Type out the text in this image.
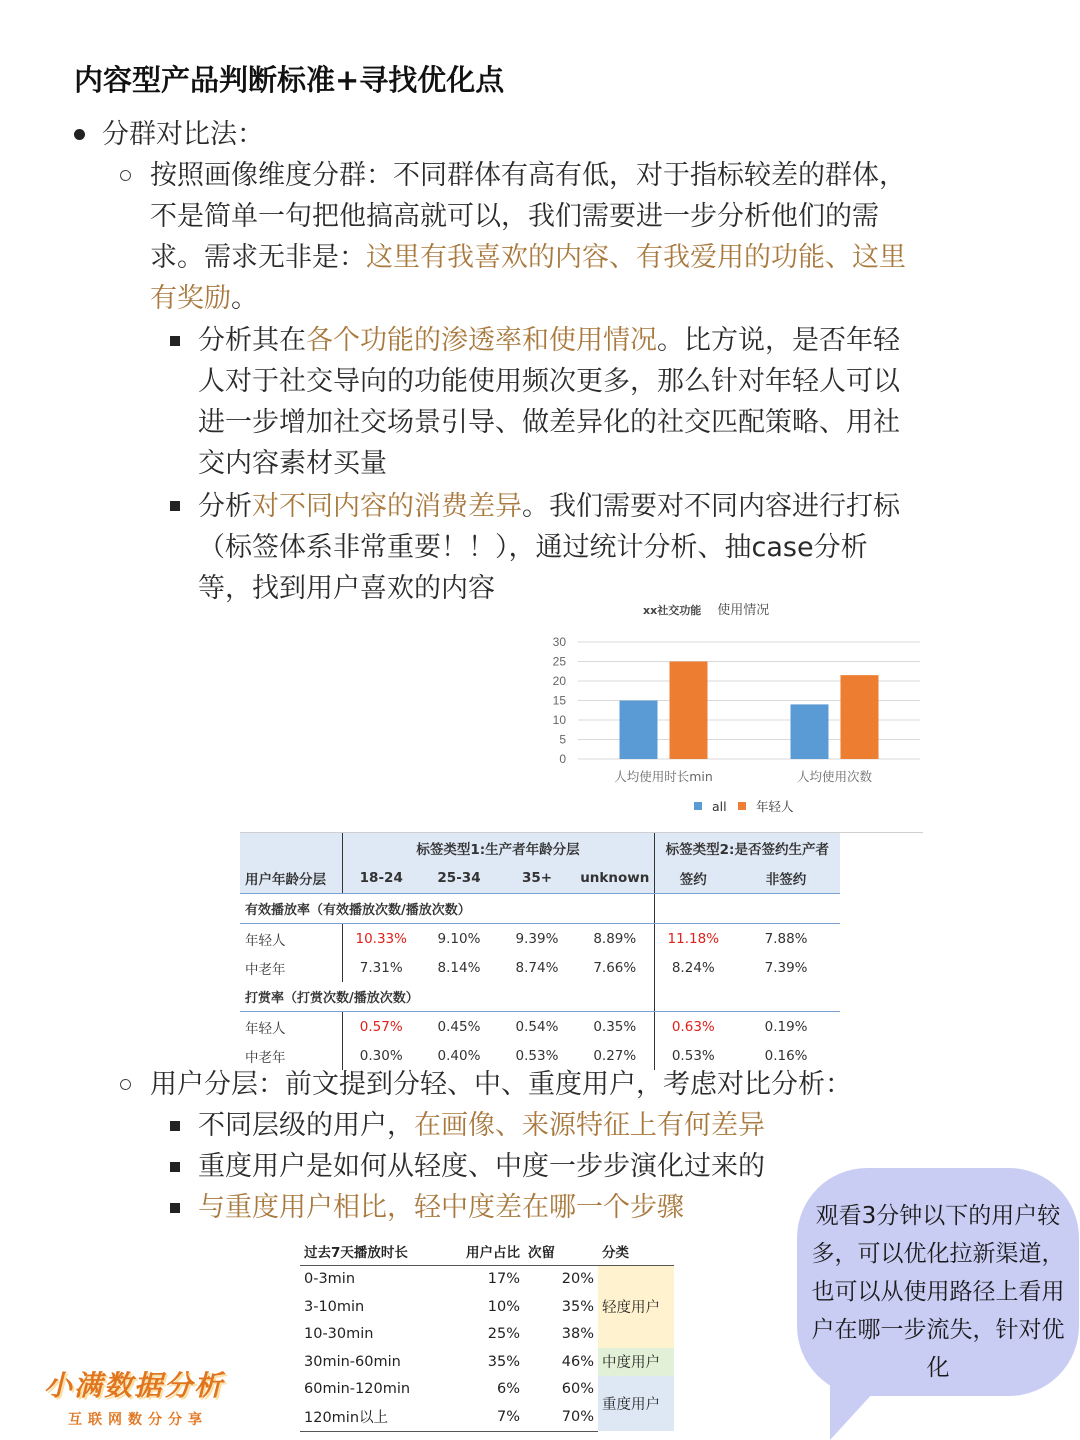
内容型产品判断标准+寻找优化点
分群对比法：
按照画像维度分群：不同群体有高有低，对于指标较差的群体，
不是简单一句把他搞高就可以，我们需要进一步分析他们的需
求。需求无非是：这里有我喜欢的内容、有我爱用的功能、这里
有奖励。
分析其在各个功能的渗透率和使用情况。比方说，是否年轻
人对于社交导向的功能使用频次更多，那么针对年轻人可以
进一步增加社交场景引导、做差异化的社交匹配策略、用社
交内容素材买量
分析对不同内容的消费差异。我们需要对不同内容进行打标
（标签体系非常重要！！），通过统计分析、抽case分析
等，找到用户喜欢的内容
xx社交功能 使用情况
30
25
20
15
10
5
0
人均使用时长min	人均使用次数
all 年轻人
	标签类型1:生产者年龄分层				标签类型2:是否签约生产者	
用户年龄分层	18-24	25-34	35+	unknown	签约	非签约
有效播放率（有效播放次数/播放次数）						
年轻人	10.33%	9.10%	9.39%	8.89%	11.18%	7.88%
中老年	7.31%	8.14%	8.74%	7.66%	8.24%	7.39%
打赏率（打赏次数/播放次数）						
年轻人	0.57%	0.45%	0.54%	0.35%	0.63%	0.19%
中老年	0.30%	0.40%	0.53%	0.27%	0.53%	0.16%
用户分层：前文提到分轻、中、重度用户，考虑对比分析：
不同层级的用户，在画像、来源特征上有何差异
重度用户是如何从轻度、中度一步步演化过来的
与重度用户相比，轻中度差在哪一个步骤
过去7天播放时长	用户占比	次留	分类
0-3min	17%	20%	轻度用户
3-10min	10%	35%	
10-30min	25%	38%	
30min-60min	35%	46%	中度用户
60min-120min	6%	60%	重度用户
120min以上	7%	70%	
观看3分钟以下的用户较
多，可以优化拉新渠道，
也可以从使用路径上看用
户在哪一步流失，针对优
化
小满数据分析
互联网数分分享
